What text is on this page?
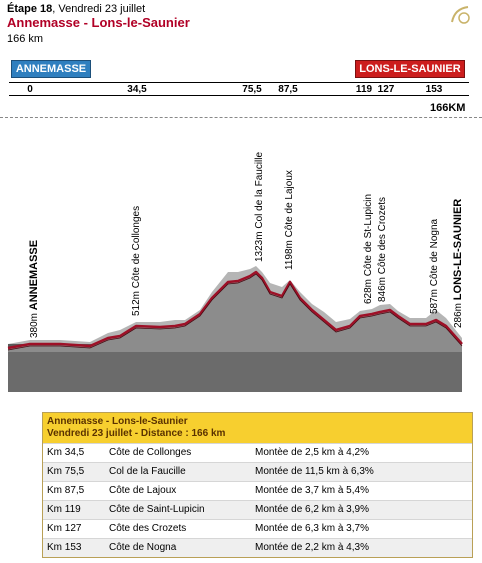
Étape 18, Vendredi 23 juillet
Annemasse - Lons-le-Saunier
166 km
ANNEMASSE	LONS-LE-SAUNIER
0	34,5	75,5 87,5	119 127	153
166KM
380m ANNEMASSE	512m Côte de Collonges	1323m Col de la Faucille
1198m Côte de Lajoux
628m Côte de St-Lupicin
846m Côte des Crozets
587m Côte de Nogna
286m LONS-LE-SAUNIER
Annemasse - Lons-le-Saunier
Vendredi 23 juillet - Distance : 166 km
Km 34,5	Côte de Collonges	Montèe de 2,5 km à 4,2%
Km 75,5	Col de la Faucille	Montée de 11,5 km à 6,3%
Km 87,5	Côte de Lajoux	Montée de 3,7 km à 5,4%
Km 119	Côte de Saint-Lupicin	Montée de 6,2 km à 3,9%
Km 127	Côte des Crozets	Montée de 6,3 km à 3,7%
Km 153	Côte de Nogna	Montée de 2,2 km à 4,3%
